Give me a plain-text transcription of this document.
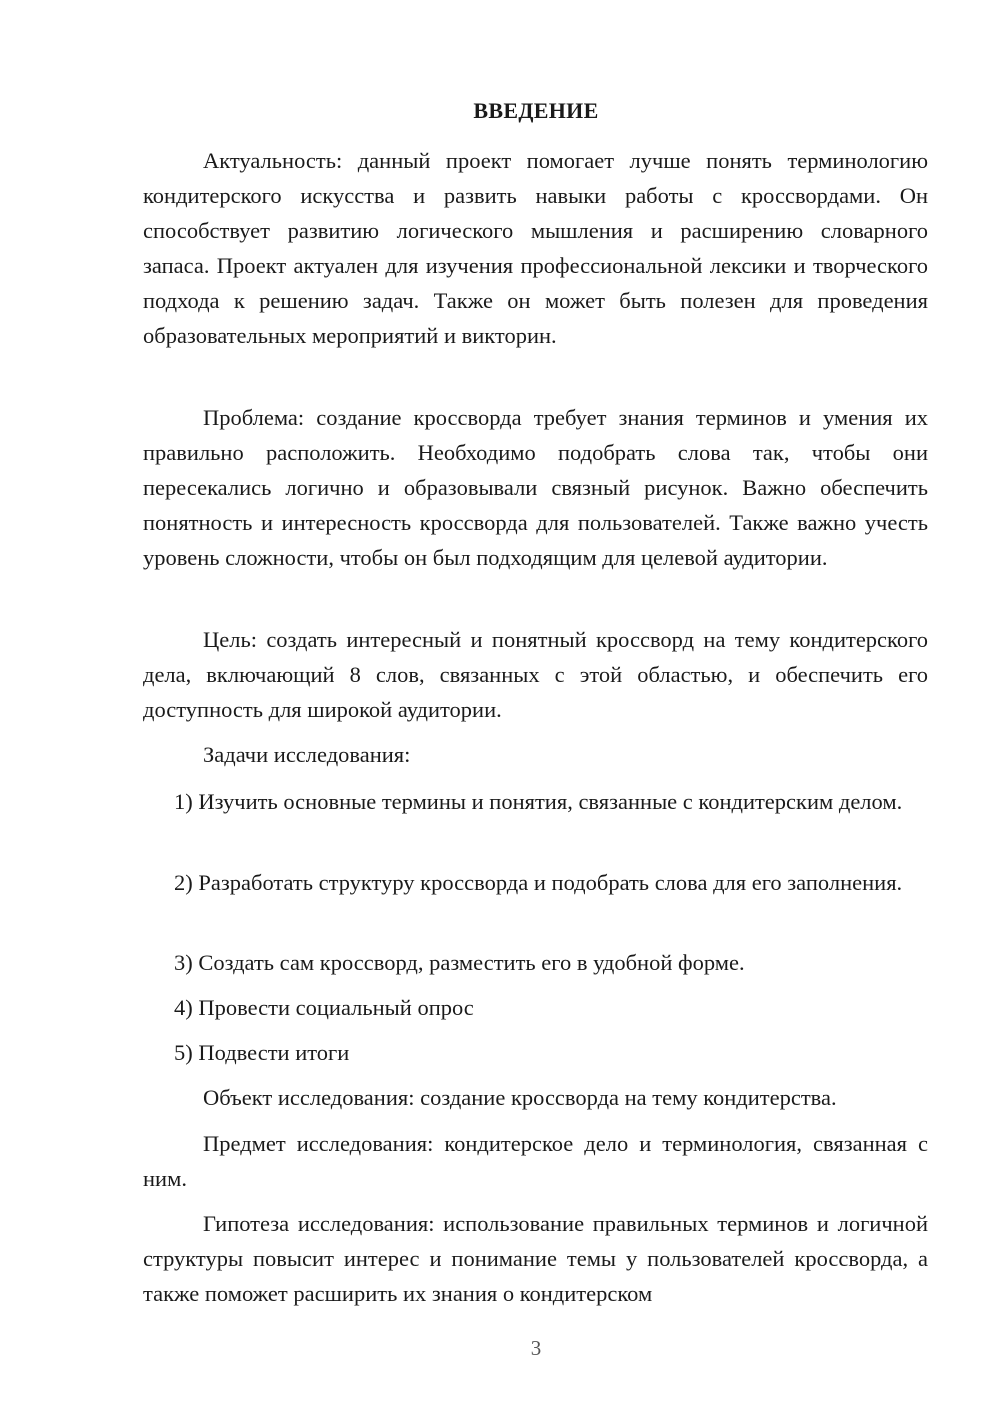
ВВЕДЕНИЕ

Актуальность: данный проект помогает лучше понять терминологию кондитерского искусства и развить навыки работы с кроссвордами. Он способствует развитию логического мышления и расширению словарного запаса. Проект актуален для изучения профессиональной лексики и творческого подхода к решению задач. Также он может быть полезен для проведения образовательных мероприятий и викторин.

Проблема: создание кроссворда требует знания терминов и умения их правильно расположить. Необходимо подобрать слова так, чтобы они пересекались логично и образовывали связный рисунок. Важно обеспечить понятность и интересность кроссворда для пользователей. Также важно учесть уровень сложности, чтобы он был подходящим для целевой аудитории.

Цель: создать интересный и понятный кроссворд на тему кондитерского дела, включающий 8 слов, связанных с этой областью, и обеспечить его доступность для широкой аудитории.

Задачи исследования:

1) Изучить основные термины и понятия, связанные с кондитерским делом.

2) Разработать структуру кроссворда и подобрать слова для его заполнения.

3) Создать сам кроссворд, разместить его в удобной форме.

4) Провести социальный опрос

5) Подвести итоги

Объект исследования: создание кроссворда на тему кондитерства.

Предмет исследования: кондитерское дело и терминология, связанная с ним.

Гипотеза исследования: использование правильных терминов и логичной структуры повысит интерес и понимание темы у пользователей кроссворда, а также поможет расширить их знания о кондитерском

3
